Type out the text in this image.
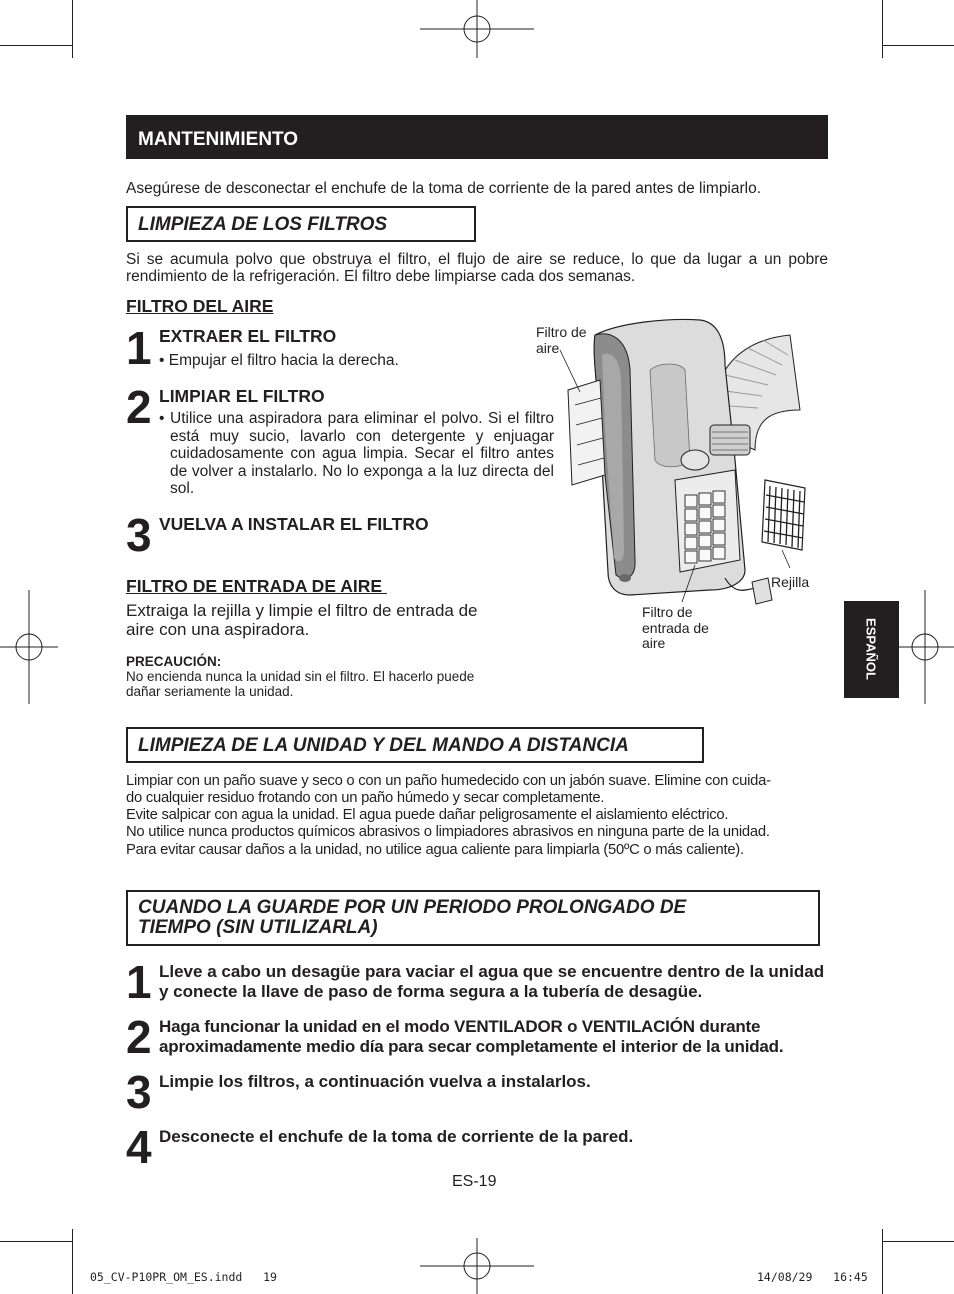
MANTENIMIENTO
Asegúrese de desconectar el enchufe de la toma de corriente de la pared antes de limpiarlo.
LIMPIEZA DE LOS FILTROS
Si se acumula polvo que obstruya el filtro, el flujo de aire se reduce, lo que da lugar a un pobre rendimiento de la refrigeración. El filtro debe limpiarse cada dos semanas.
FILTRO DEL AIRE
1 EXTRAER EL FILTRO
• Empujar el filtro hacia la derecha.
2 LIMPIAR EL FILTRO
• Utilice una aspiradora para eliminar el polvo. Si el filtro está muy sucio, lavarlo con detergente y enjuagar cuidadosamente con agua limpia. Secar el filtro antes de volver a instalarlo. No lo exponga a la luz directa del sol.
3 VUELVA A INSTALAR EL FILTRO
FILTRO DE ENTRADA DE AIRE
Extraiga la rejilla y limpie el filtro de entrada de aire con una aspiradora.
PRECAUCIÓN:
No encienda nunca la unidad sin el filtro. El hacerlo puede dañar seriamente la unidad.
Filtro de aire
Rejilla
Filtro de entrada de aire	ESPAÑOL
LIMPIEZA DE LA UNIDAD Y DEL MANDO A DISTANCIA
Limpiar con un paño suave y seco o con un paño humedecido con un jabón suave. Elimine con cuida-
do cualquier residuo frotando con un paño húmedo y secar completamente.
Evite salpicar con agua la unidad. El agua puede dañar peligrosamente el aislamiento eléctrico.
No utilice nunca productos químicos abrasivos o limpiadores abrasivos en ninguna parte de la unidad.
Para evitar causar daños a la unidad, no utilice agua caliente para limpiarla (50ºC o más caliente).
CUANDO LA GUARDE POR UN PERIODO PROLONGADO DE
TIEMPO (SIN UTILIZARLA)
1 Lleve a cabo un desagüe para vaciar el agua que se encuentre dentro de la unidad y conecte la llave de paso de forma segura a la tubería de desagüe.
2 Haga funcionar la unidad en el modo VENTILADOR o VENTILACIÓN durante aproximadamente medio día para secar completamente el interior de la unidad.
3 Limpie los filtros, a continuación vuelva a instalarlos.
4 Desconecte el enchufe de la toma de corriente de la pared.
ES-19
05_CV-P10PR_OM_ES.indd   19	14/08/29   16:45
